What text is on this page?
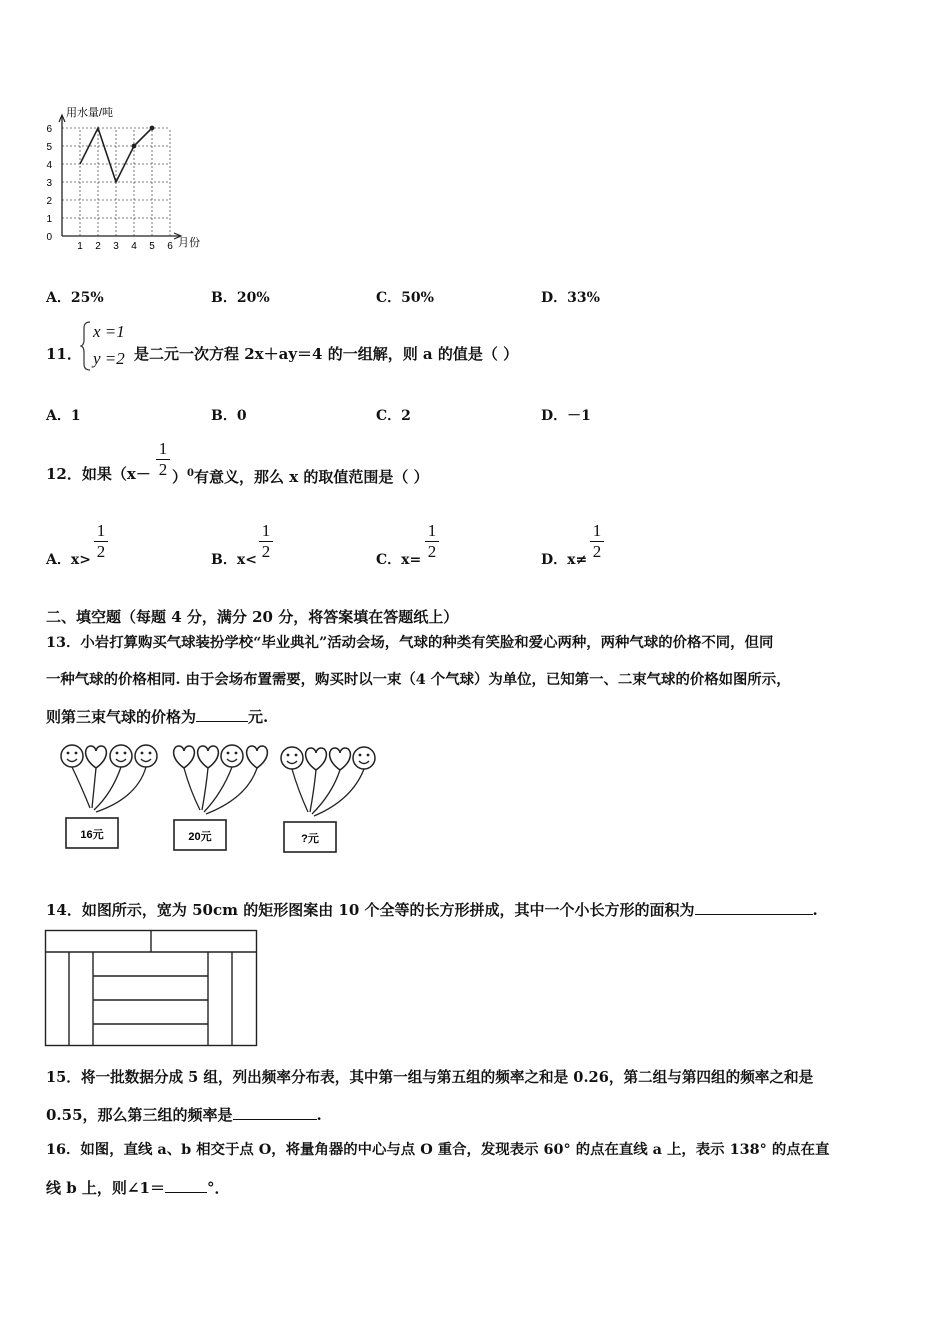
0
1
2
3
4
5
6
1 2 3 4 5 6
用水量/吨
月份
A．25%	B．20%	C．50%	D．33%
11．
x =1
y =2 是二元一次方程 2x＋ay＝4 的一组解，则 a 的值是（ ）
A．1	B．0	C．2	D．－1
12．如果（x－
1
2 ）$^0$有意义，那么 x 的取值范围是（ ）
A．x>
1
2	B．x<
1
2	C．x=
1
2	D．x≠
1
2
二、填空题（每题 4 分，满分 20 分，将答案填在答题纸上）
13．小岩打算购买气球装扮学校“毕业典礼”活动会场，气球的种类有笑脸和爱心两种，两种气球的价格不同，但同
一种气球的价格相同. 由于会场布置需要，购买时以一束（4 个气球）为单位，已知第一、二束气球的价格如图所示，
则第三束气球的价格为	元.
16元	20元	?元
14．如图所示，宽为 50cm 的矩形图案由 10 个全等的长方形拼成，其中一个小长方形的面积为	.
15．将一批数据分成 5 组，列出频率分布表，其中第一组与第五组的频率之和是 0.26，第二组与第四组的频率之和是
0.55，那么第三组的频率是	.
16．如图，直线 a、b 相交于点 O，将量角器的中心与点 O 重合，发现表示 60° 的点在直线 a 上，表示 138° 的点在直
线 b 上，则∠1＝	°．
